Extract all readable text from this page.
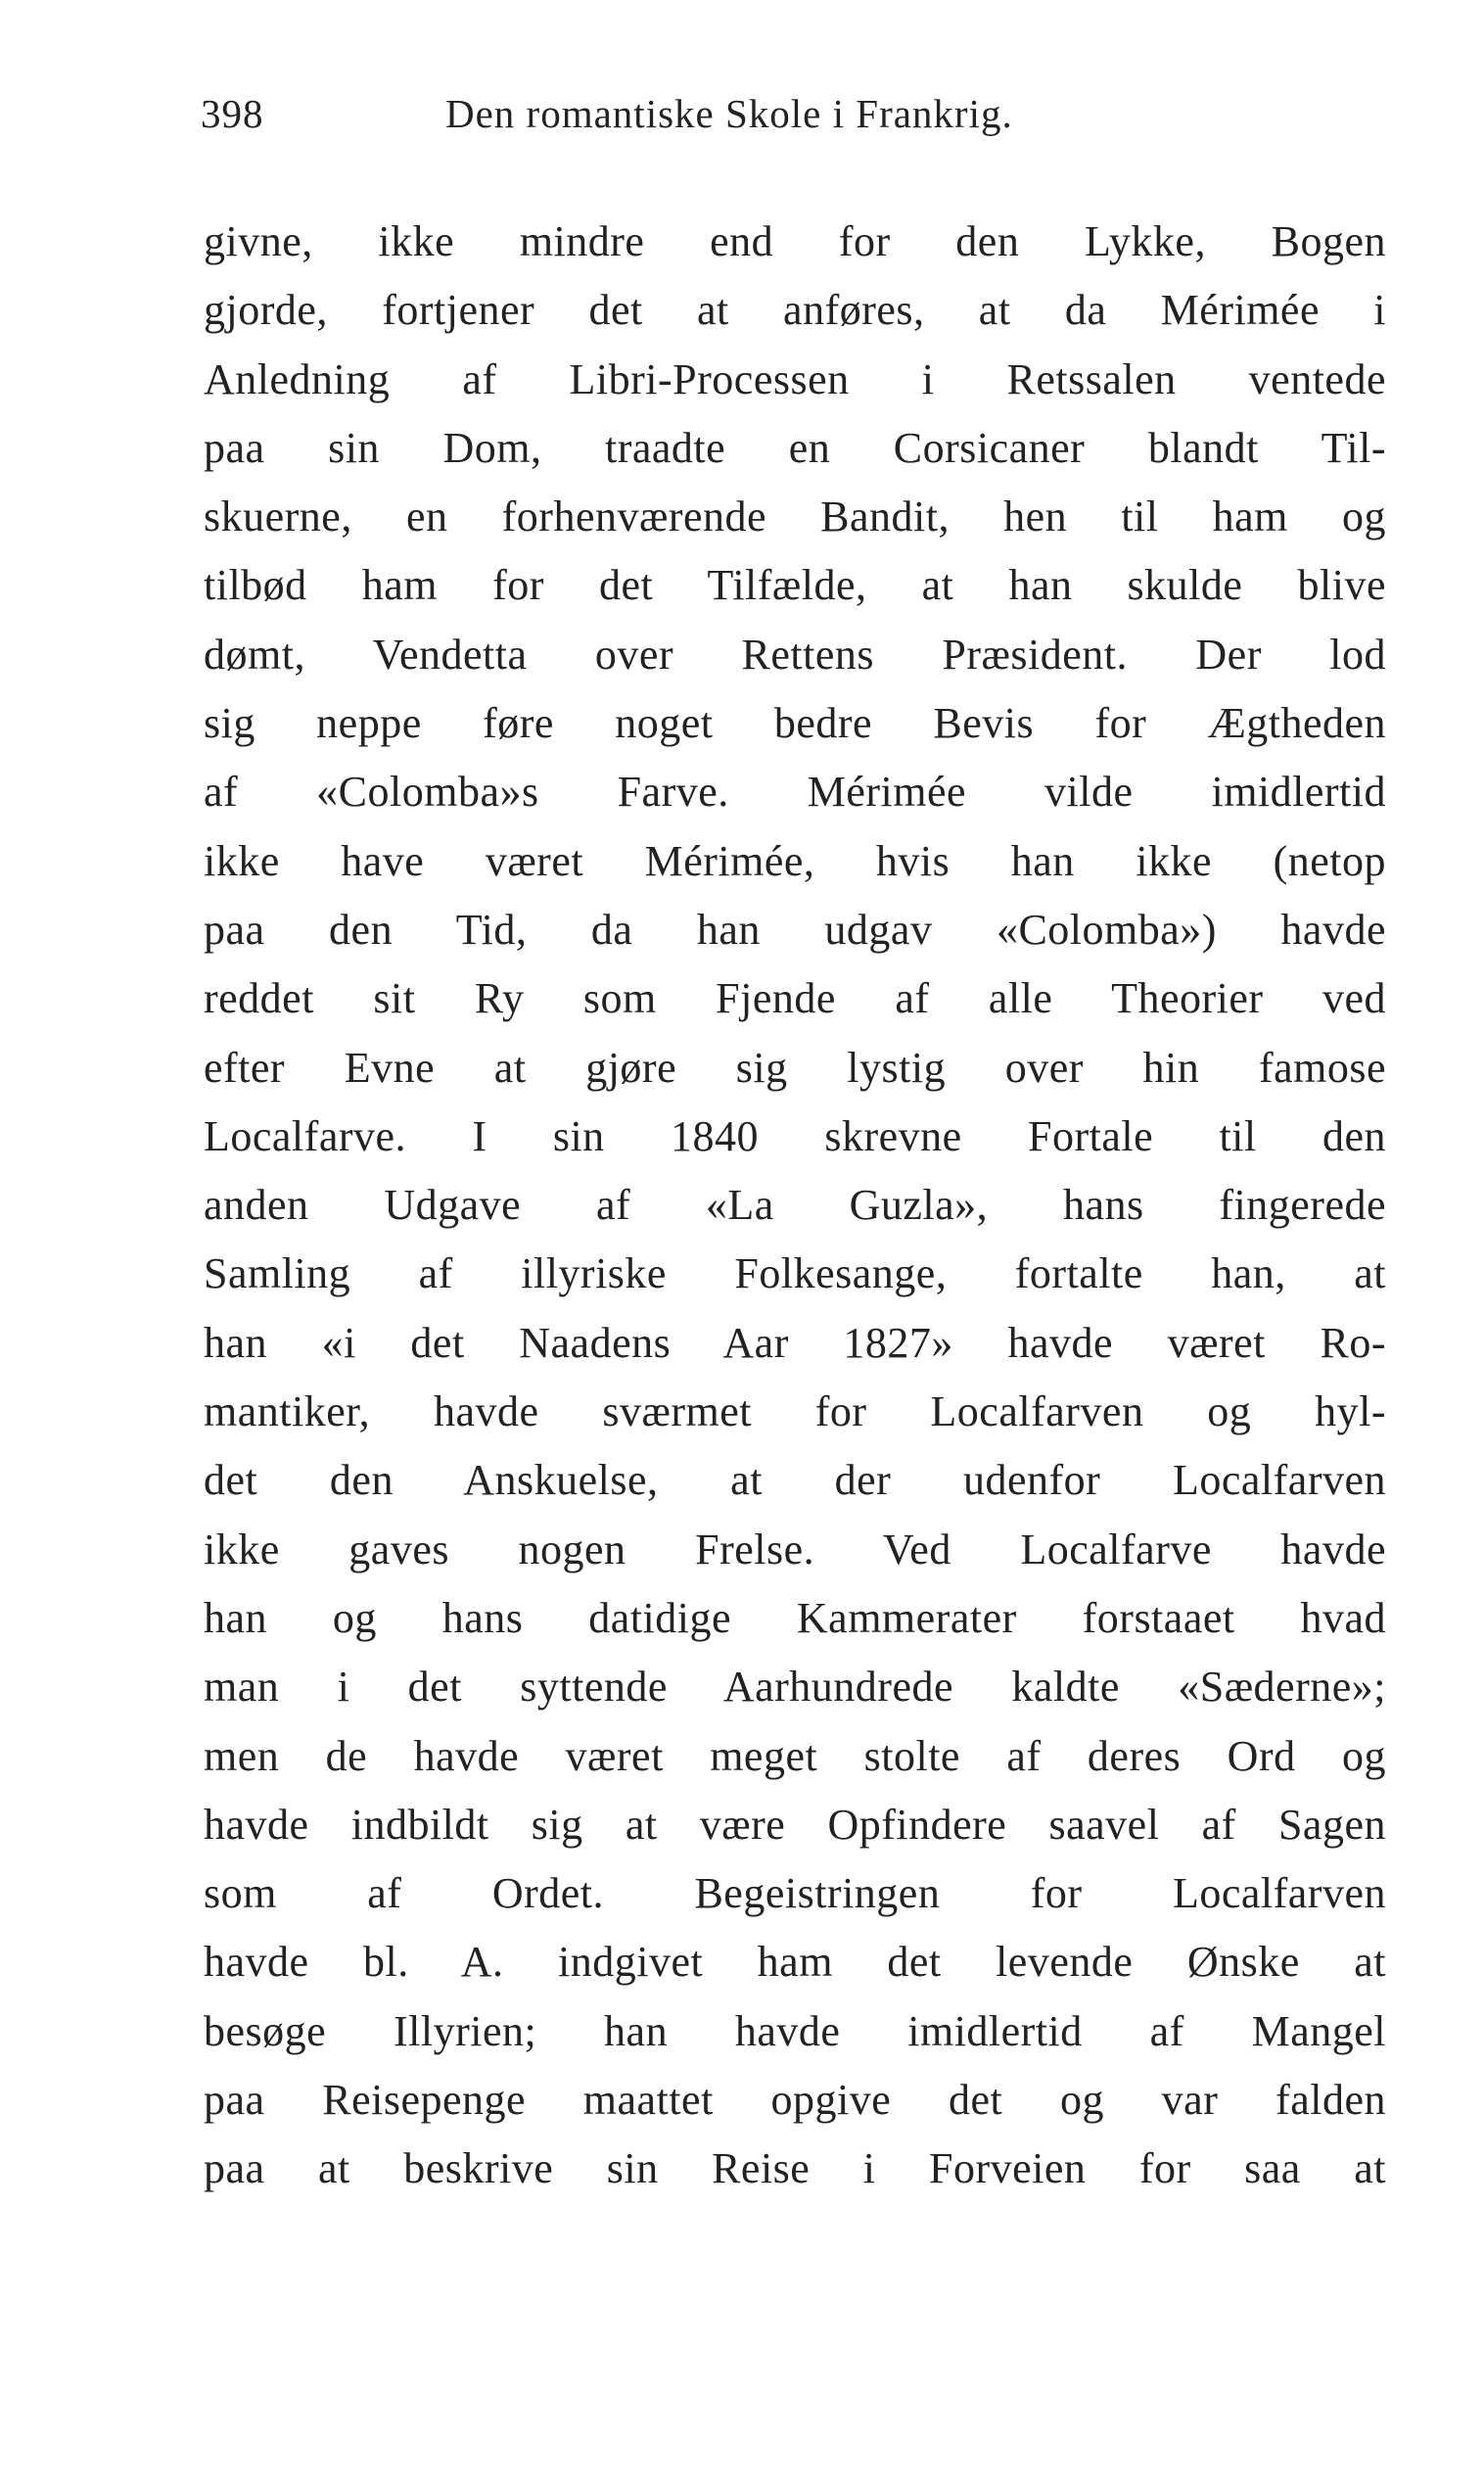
398	Den romantiske Skole i Frankrig.
givne, ikke mindre end for den Lykke, Bogen
gjorde, fortjener det at anføres, at da Mérimée i
Anledning af Libri-Processen i Retssalen ventede
paa sin Dom, traadte en Corsicaner blandt Til-
skuerne, en forhenværende Bandit, hen til ham og
tilbød ham for det Tilfælde, at han skulde blive
dømt, Vendetta over Rettens Præsident. Der lod
sig neppe føre noget bedre Bevis for Ægtheden
af «Colomba»s Farve. Mérimée vilde imidlertid
ikke have været Mérimée, hvis han ikke (netop
paa den Tid, da han udgav «Colomba») havde
reddet sit Ry som Fjende af alle Theorier ved
efter Evne at gjøre sig lystig over hin famose
Localfarve. I sin 1840 skrevne Fortale til den
anden Udgave af «La Guzla», hans fingerede
Samling af illyriske Folkesange, fortalte han, at
han «i det Naadens Aar 1827» havde været Ro-
mantiker, havde sværmet for Localfarven og hyl-
det den Anskuelse, at der udenfor Localfarven
ikke gaves nogen Frelse. Ved Localfarve havde
han og hans datidige Kammerater forstaaet hvad
man i det syttende Aarhundrede kaldte «Sæderne»;
men de havde været meget stolte af deres Ord og
havde indbildt sig at være Opfindere saavel af Sagen
som af Ordet. Begeistringen for Localfarven
havde bl. A. indgivet ham det levende Ønske at
besøge Illyrien; han havde imidlertid af Mangel
paa Reisepenge maattet opgive det og var falden
paa at beskrive sin Reise i Forveien for saa at
